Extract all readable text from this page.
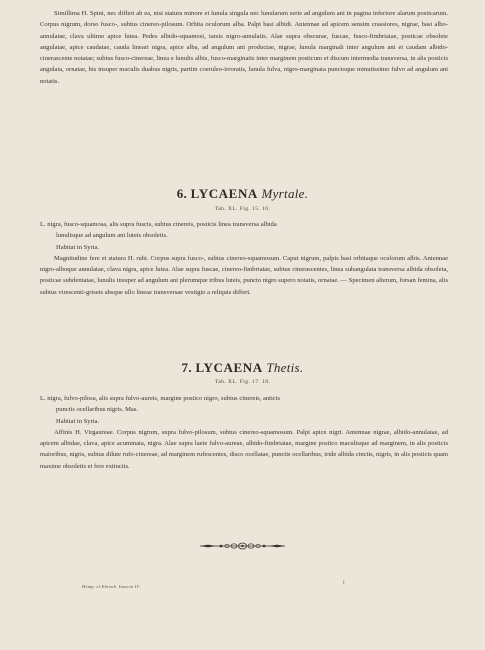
Simillima H. Spini, nec differt ab ea, nisi statura minore et lunula singula nec lunularum serie ad angulum ani in pagina inferiore alarum posticarum. Corpus nigrum, dorso fusco-, subtus cinereo-pilosum. Orbita oculorum alba. Palpi basi albidi. Antennae ad apicem sensim crassiores, nigrae, basi albo-annulatae, clava ultimo apice lutea. Pedes albido-squamosi, tarsis nigro-annulatis. Alae supra obscurae, fuscae, fusco-fimbriatae, posticae obsolete angulatae, apice caudatae, cauda lineari nigra, apice alba, ad angulum ani productae, nigrae, lunula marginali inter angulum ani et caudam albido-cinerascente notatae; subtus fusco-cinereae, linea e lunulis albis, fusco-marginatis inter marginem posticum et discum intermedia transversa, in alis posticis angulata, ornatae, his insuper maculis duabus nigris, partim coeruleo-irroratis, lunula fulva, nigro-marginata punctoque minutissimo fulvo ad angulum ani notatis.

6. LYCAENA Myrtale.
Tab. XL. Fig. 15. 16.

L. nigra, fusco-squamosa, alis supra fuscis, subtus cinereis, posticis linea transversa albida

lunulisque ad angulum ani luteis obsoletis.

Habitat in Syria.

Magnitudine fere et statura H. rubi. Corpus supra fusco-, subtus cinereo-squamosum. Caput nigrum, palpis basi orbitaque oculorum albis. Antennae nigro-alboque annulatae, clava nigra, apice lutea. Alae supra fuscae, cinereo-fimbriatae, subtus cinerascentes, linea subangulata transversa albida obsoleta, posticae subdentatae, lunulis insuper ad angulum ani plerumque tribus luteis, puncto nigro supero notatis, ornatae. — Specimen alterum, forsan femina, alis subtus virescenti-griseis absque ullo lineae transversae vestigio a reliquis differt.

7. LYCAENA Thetis.
Tab. XL. Fig. 17. 18.

L. nigra, fulvo-pilosa, alis supra fulvo-aureis, margine postico nigro, subtus cinereis, anticis

punctis ocellaribus nigris. Mas.

Habitat in Syria.

Affinis H. Virgaureae. Corpus nigrum, supra fulvo-pilosum, subtus cinereo-squamosum. Palpi apice nigri. Antennae nigrae, albido-annulatae, ad apicem albidae, clava, apice acuminata, nigra. Alae supra laete fulvo-aureae, albido-fimbriatae, margine postico maculisque ad marginem, in alis posticis maioribus, nigris, subtus dilute rufo-cinereae, ad marginem rufescentes, disco ocellatae, punctis ocellaribus, iride albida cinctis, nigris, in alis posticis quam maxime obsoletis et fere extinctis.

Hemp. et Ehrenb. Insecta IV.
f
